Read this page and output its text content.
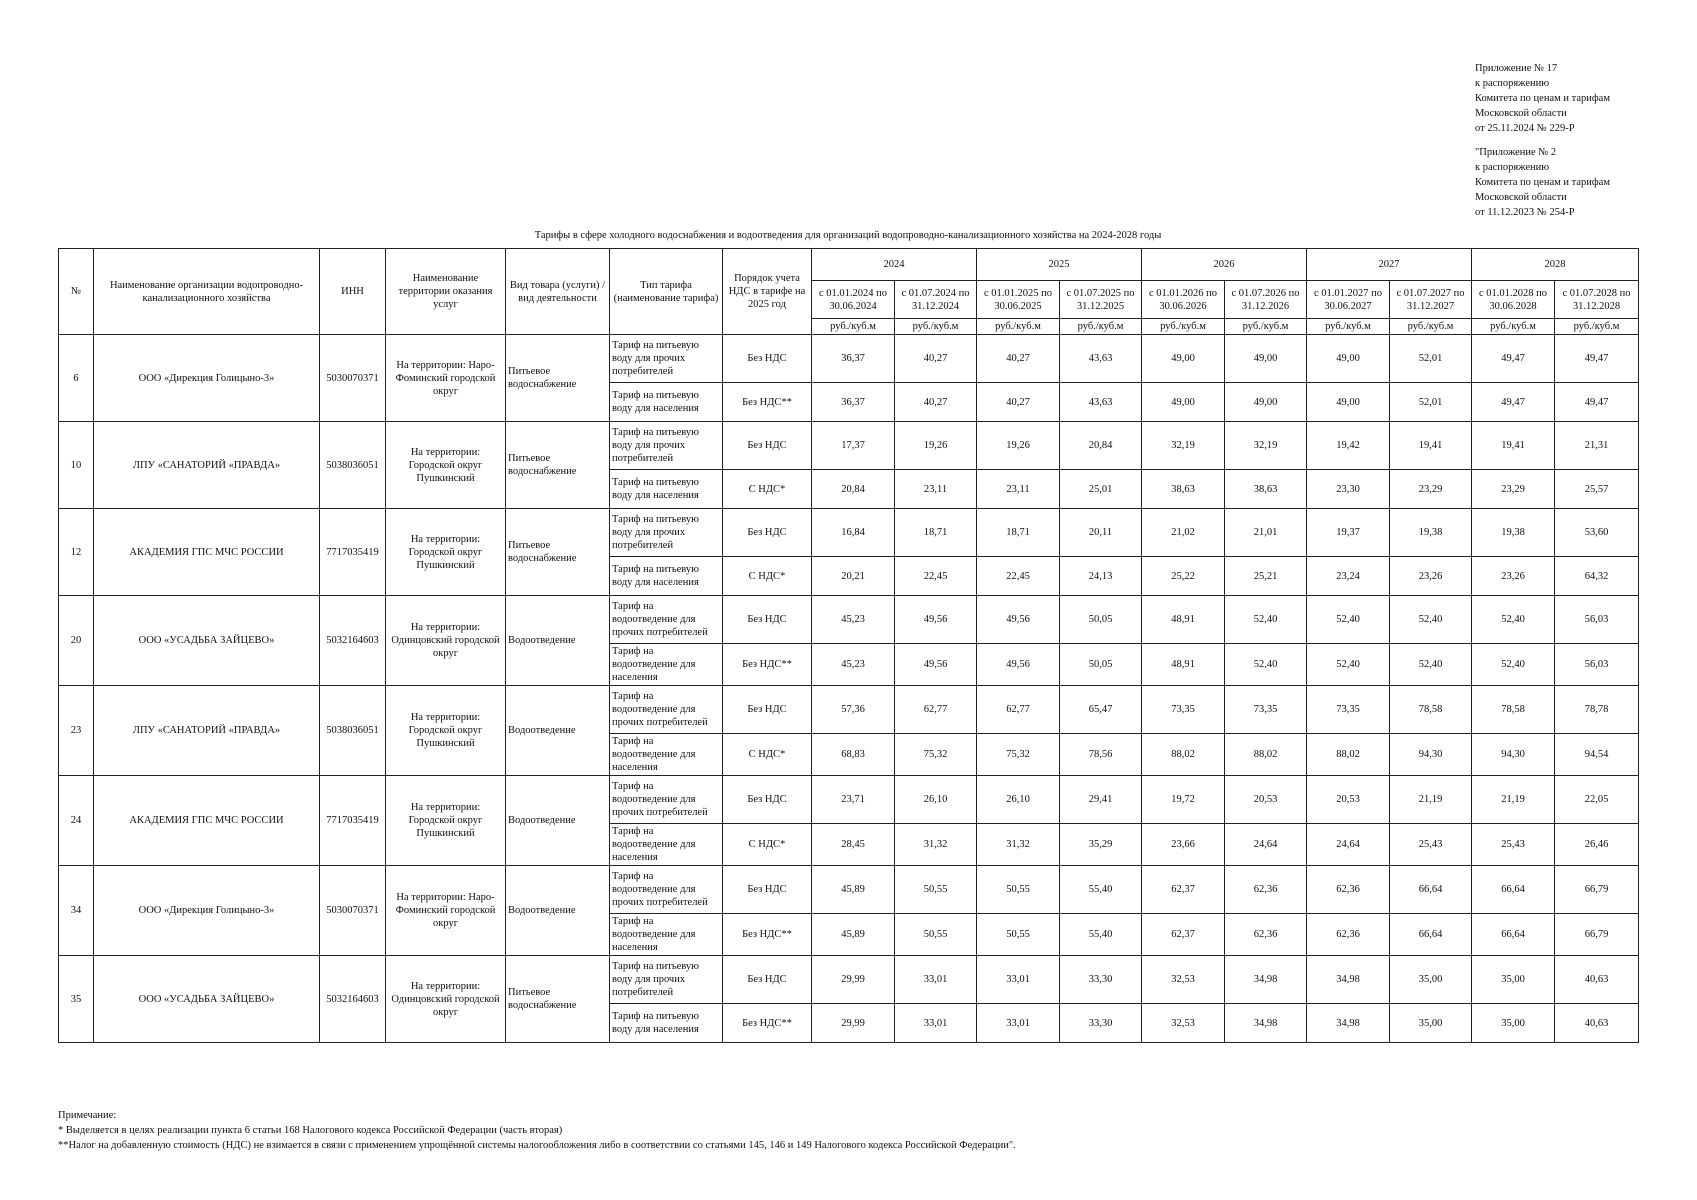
Приложение № 17
к распоряжению
Комитета по ценам и тарифам
Московской области
от 25.11.2024 № 229-Р
"Приложение № 2
к распоряжению
Комитета по ценам и тарифам
Московской области
от 11.12.2023 № 254-Р
Тарифы в сфере холодного водоснабжения и водоотведения для организаций водопроводно-канализационного хозяйства на 2024-2028 годы
№	Наименование организации водопроводно-канализационного хозяйства	ИНН	Наименование территории оказания услуг	Вид товара (услуги) /вид деятельности	Тип тарифа (наименование тарифа)	Порядок учета НДС в тарифе на 2025 год	2024		2025		2026		2027		2028	
							с 01.01.2024 по 30.06.2024	с 01.07.2024 по 31.12.2024	с 01.01.2025 по 30.06.2025	с 01.07.2025 по 31.12.2025	с 01.01.2026 по 30.06.2026	с 01.07.2026 по 31.12.2026	с 01.01.2027 по 30.06.2027	с 01.07.2027 по 31.12.2027	с 01.01.2028 по 30.06.2028	с 01.07.2028 по 31.12.2028
							руб./куб.м	руб./куб.м	руб./куб.м	руб./куб.м	руб./куб.м	руб./куб.м	руб./куб.м	руб./куб.м	руб./куб.м	руб./куб.м
6	ООО «Дирекция Голицыно-3»	5030070371	На территории: Наро-Фоминский городской округ	Питьевое водоснабжение	Тариф на питьевую воду для прочих потребителей	Без НДС	36,37	40,27	40,27	43,63	49,00	49,00	49,00	52,01	49,47	49,47
					Тариф на питьевую воду для населения	Без НДС**	36,37	40,27	40,27	43,63	49,00	49,00	49,00	52,01	49,47	49,47
10	ЛПУ «САНАТОРИЙ «ПРАВДА»	5038036051	На территории: Городской округ Пушкинский	Питьевое водоснабжение	Тариф на питьевую воду для прочих потребителей	Без НДС	17,37	19,26	19,26	20,84	32,19	32,19	19,42	19,41	19,41	21,31
					Тариф на питьевую воду для населения	С НДС*	20,84	23,11	23,11	25,01	38,63	38,63	23,30	23,29	23,29	25,57
12	АКАДЕМИЯ ГПС МЧС РОССИИ	7717035419	На территории: Городской округ Пушкинский	Питьевое водоснабжение	Тариф на питьевую воду для прочих потребителей	Без НДС	16,84	18,71	18,71	20,11	21,02	21,01	19,37	19,38	19,38	53,60
					Тариф на питьевую воду для населения	С НДС*	20,21	22,45	22,45	24,13	25,22	25,21	23,24	23,26	23,26	64,32
20	ООО «УСАДЬБА ЗАЙЦЕВО»	5032164603	На территории: Одинцовский городской округ	Водоотведение	Тариф на водоотведение для прочих потребителей	Без НДС	45,23	49,56	49,56	50,05	48,91	52,40	52,40	52,40	52,40	56,03
					Тариф на водоотведение для населения	Без НДС**	45,23	49,56	49,56	50,05	48,91	52,40	52,40	52,40	52,40	56,03
23	ЛПУ «САНАТОРИЙ «ПРАВДА»	5038036051	На территории: Городской округ Пушкинский	Водоотведение	Тариф на водоотведение для прочих потребителей	Без НДС	57,36	62,77	62,77	65,47	73,35	73,35	73,35	78,58	78,58	78,78
					Тариф на водоотведение для населения	С НДС*	68,83	75,32	75,32	78,56	88,02	88,02	88,02	94,30	94,30	94,54
24	АКАДЕМИЯ ГПС МЧС РОССИИ	7717035419	На территории: Городской округ Пушкинский	Водоотведение	Тариф на водоотведение для прочих потребителей	Без НДС	23,71	26,10	26,10	29,41	19,72	20,53	20,53	21,19	21,19	22,05
					Тариф на водоотведение для населения	С НДС*	28,45	31,32	31,32	35,29	23,66	24,64	24,64	25,43	25,43	26,46
34	ООО «Дирекция Голицыно-3»	5030070371	На территории: Наро-Фоминский городской округ	Водоотведение	Тариф на водоотведение для прочих потребителей	Без НДС	45,89	50,55	50,55	55,40	62,37	62,36	62,36	66,64	66,64	66,79
					Тариф на водоотведение для населения	Без НДС**	45,89	50,55	50,55	55,40	62,37	62,36	62,36	66,64	66,64	66,79
35	ООО «УСАДЬБА ЗАЙЦЕВО»	5032164603	На территории: Одинцовский городской округ	Питьевое водоснабжение	Тариф на питьевую воду для прочих потребителей	Без НДС	29,99	33,01	33,01	33,30	32,53	34,98	34,98	35,00	35,00	40,63
					Тариф на питьевую воду для населения	Без НДС**	29,99	33,01	33,01	33,30	32,53	34,98	34,98	35,00	35,00	40,63
Примечание:
* Выделяется в целях реализации пункта 6 статьи 168 Налогового кодекса Российской Федерации (часть вторая)
**Налог на добавленную стоимость (НДС) не взимается в связи с применением упрощённой системы налогообложения либо в соответствии со статьями 145, 146 и 149 Налогового кодекса Российской Федерации".
